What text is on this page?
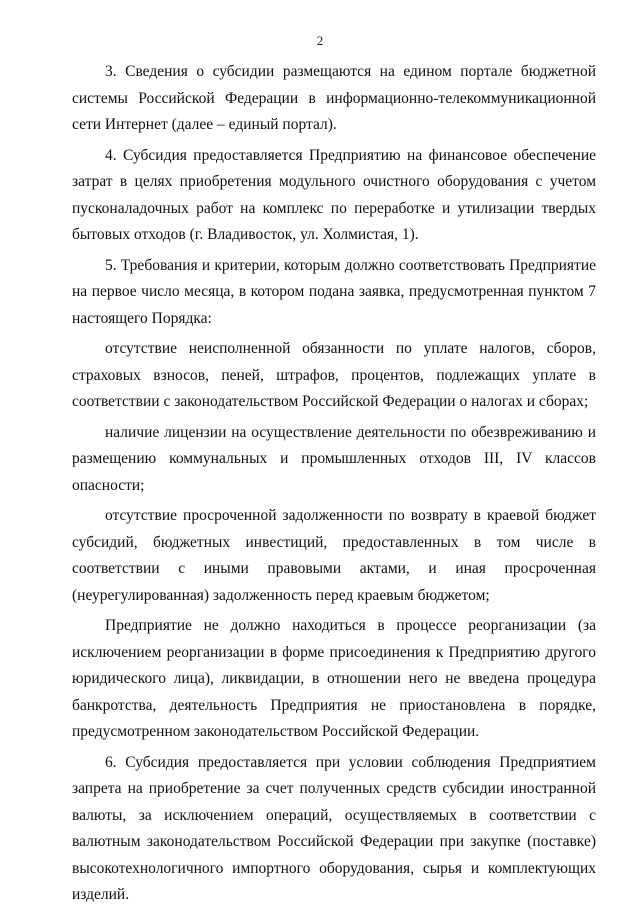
2

3. Сведения о субсидии размещаются на едином портале бюджетной системы Российской Федерации в информационно-телекоммуникационной сети Интернет (далее – единый портал).

4. Субсидия предоставляется Предприятию на финансовое обеспечение затрат в целях приобретения модульного очистного оборудования с учетом пусконаладочных работ на комплекс по переработке и утилизации твердых бытовых отходов (г. Владивосток, ул. Холмистая, 1).

5. Требования и критерии, которым должно соответствовать Предприятие на первое число месяца, в котором подана заявка, предусмотренная пунктом 7 настоящего Порядка:

отсутствие неисполненной обязанности по уплате налогов, сборов, страховых взносов, пеней, штрафов, процентов, подлежащих уплате в соответствии с законодательством Российской Федерации о налогах и сборах;

наличие лицензии на осуществление деятельности по обезвреживанию и размещению коммунальных и промышленных отходов III, IV классов опасности;

отсутствие просроченной задолженности по возврату в краевой бюджет субсидий, бюджетных инвестиций, предоставленных в том числе в соответствии с иными правовыми актами, и иная просроченная (неурегулированная) задолженность перед краевым бюджетом;

Предприятие не должно находиться в процессе реорганизации (за исключением реорганизации в форме присоединения к Предприятию другого юридического лица), ликвидации, в отношении него не введена процедура банкротства, деятельность Предприятия не приостановлена в порядке, предусмотренном законодательством Российской Федерации.

6. Субсидия предоставляется при условии соблюдения Предприятием запрета на приобретение за счет полученных средств субсидии иностранной валюты, за исключением операций, осуществляемых в соответствии с валютным законодательством Российской Федерации при закупке (поставке) высокотехнологичного импортного оборудования, сырья и комплектующих изделий.
